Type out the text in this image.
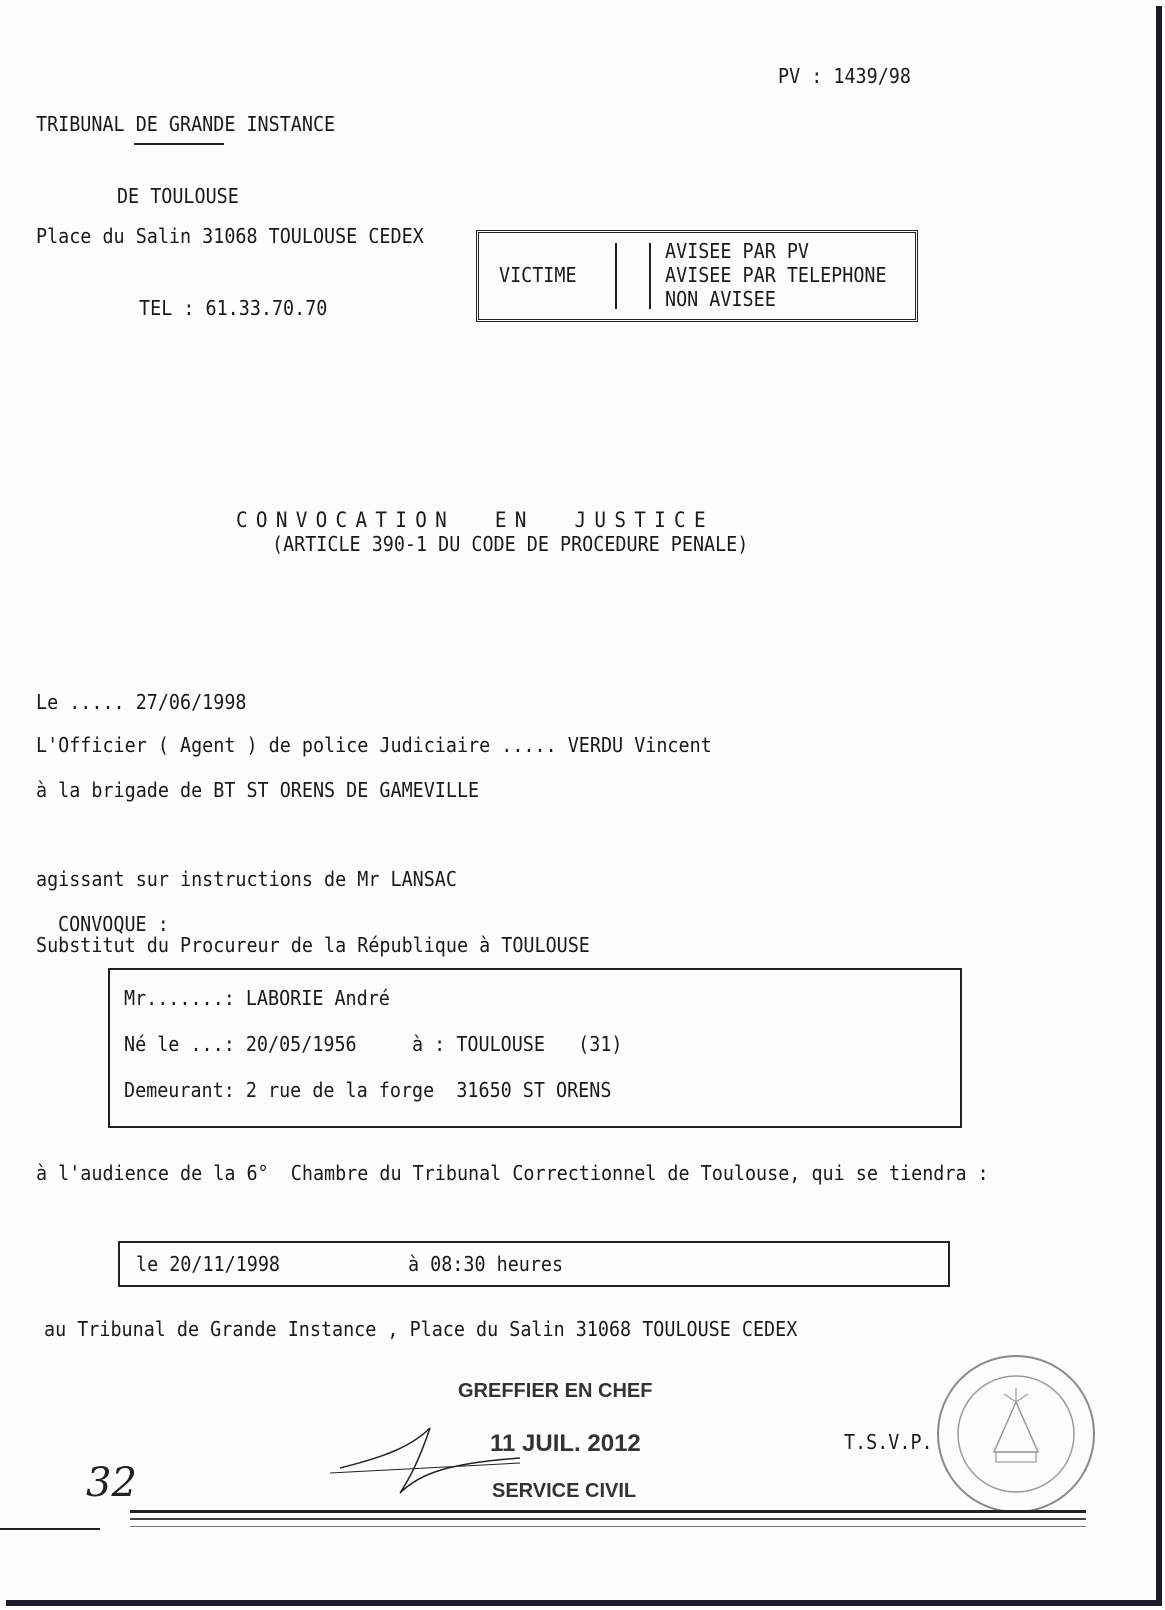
TRIBUNAL DE GRANDE INSTANCE

DE TOULOUSE

PV : 1439/98

Place du Salin 31068 TOULOUSE CEDEX

TEL : 61.33.70.70

VICTIME
AVISEE PAR PV
AVISEE PAR TELEPHONE
NON AVISEE
CONVOCATION  EN  JUSTICE
(ARTICLE 390-1 DU CODE DE PROCEDURE PENALE)
Le ..... 27/06/1998
L'Officier ( Agent ) de police Judiciaire ..... VERDU Vincent
à la brigade de BT ST ORENS DE GAMEVILLE

agissant sur instructions de Mr LANSAC

Substitut du Procureur de la République à TOULOUSE

CONVOQUE :
Mr.......: LABORIE André
Né le ...: 20/05/1956     à : TOULOUSE   (31)
Demeurant: 2 rue de la forge  31650 ST ORENS
à l'audience de la 6°  Chambre du Tribunal Correctionnel de Toulouse, qui se tiendra :
le 20/11/1998	à 08:30 heures
au Tribunal de Grande Instance , Place du Salin 31068 TOULOUSE CEDEX
GREFFIER EN CHEF
11 JUIL. 2012
SERVICE CIVIL
T.S.V.P.
32
